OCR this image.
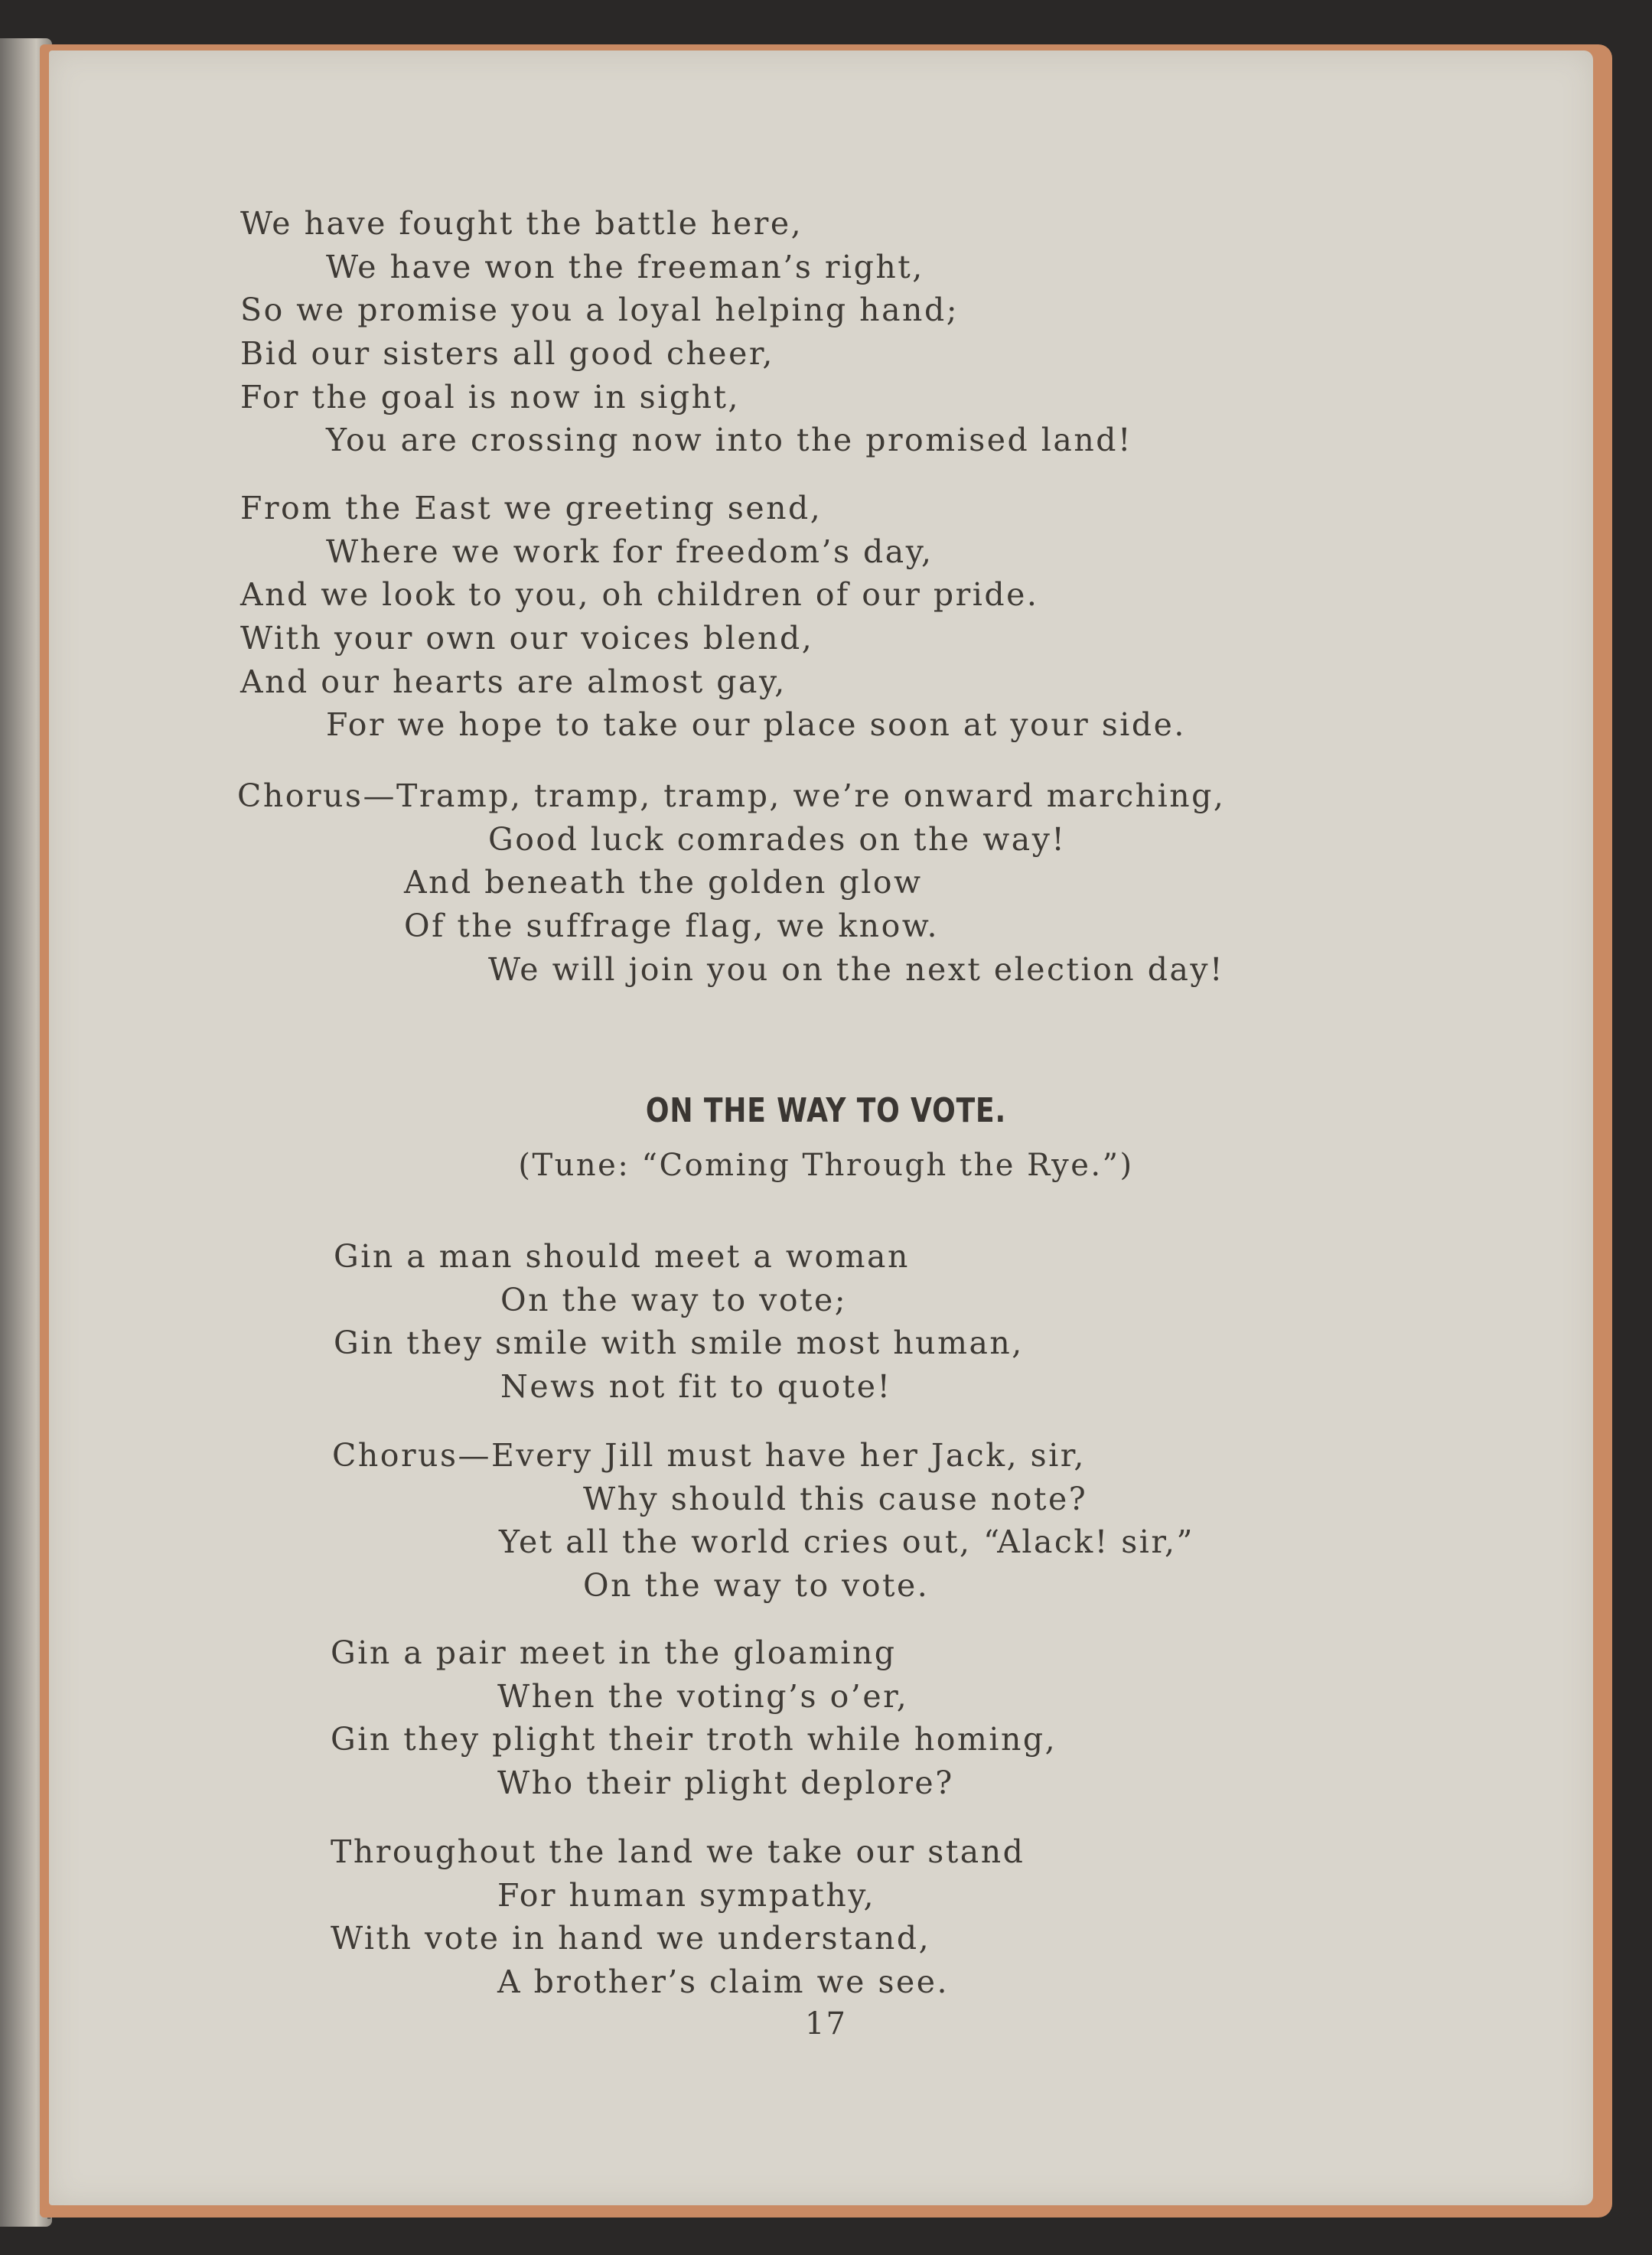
We have fought the battle here,
We have won the freeman’s right,
So we promise you a loyal helping hand;
Bid our sisters all good cheer,
For the goal is now in sight,
You are crossing now into the promised land!
From the East we greeting send,
Where we work for freedom’s day,
And we look to you, oh children of our pride.
With your own our voices blend,
And our hearts are almost gay,
For we hope to take our place soon at your side.
Chorus—Tramp, tramp, tramp, we’re onward marching,
Good luck comrades on the way!
And beneath the golden glow
Of the suffrage flag, we know.
We will join you on the next election day!
ON THE WAY TO VOTE.
(Tune: “Coming Through the Rye.”)
Gin a man should meet a woman
On the way to vote;
Gin they smile with smile most human,
News not fit to quote!
Chorus—Every Jill must have her Jack, sir,
Why should this cause note?
Yet all the world cries out, “Alack! sir,”
On the way to vote.
Gin a pair meet in the gloaming
When the voting’s o’er,
Gin they plight their troth while homing,
Who their plight deplore?
Throughout the land we take our stand
For human sympathy,
With vote in hand we understand,
A brother’s claim we see.
17
